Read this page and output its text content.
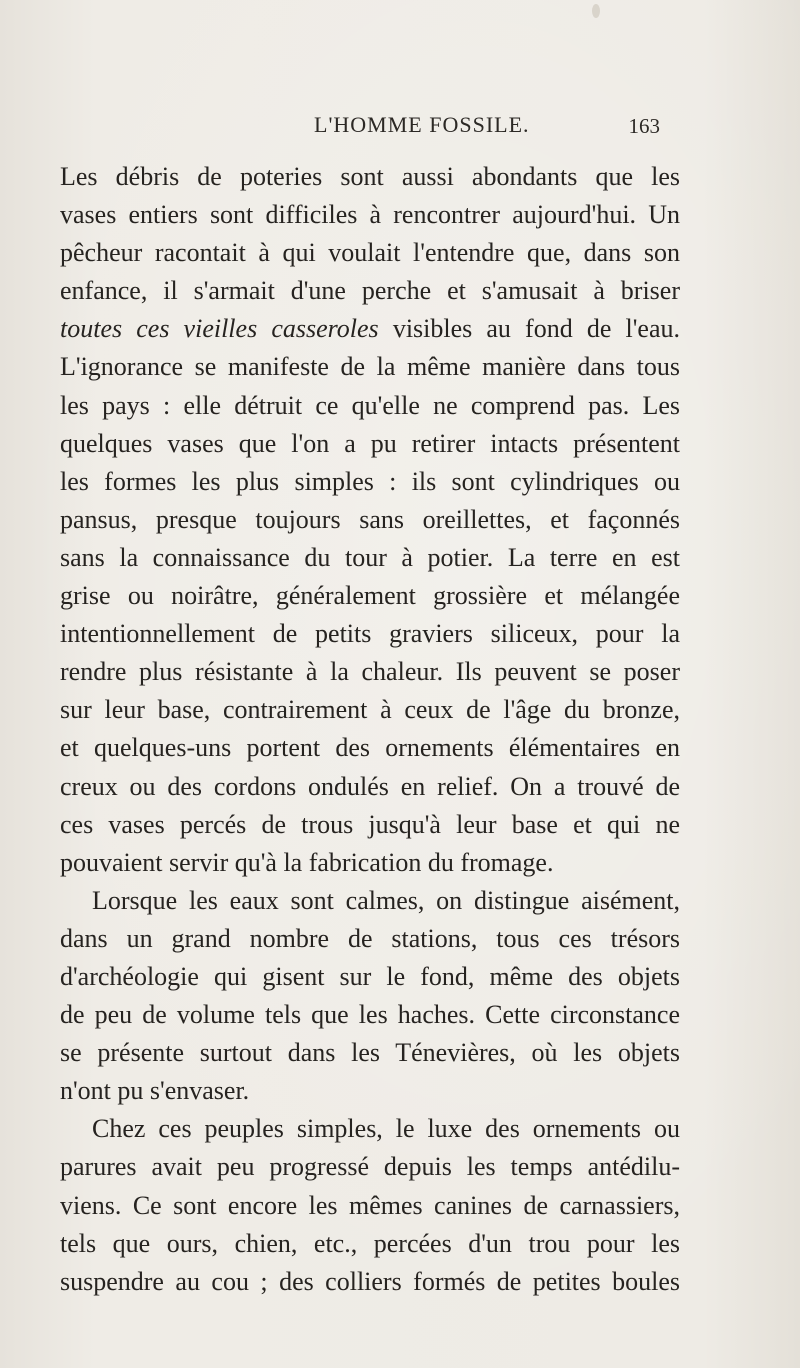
L'HOMME FOSSILE.	163
Les débris de poteries sont aussi abondants que les
vases entiers sont difficiles à rencontrer aujourd'hui. Un
pêcheur racontait à qui voulait l'entendre que, dans son
enfance, il s'armait d'une perche et s'amusait à briser
toutes ces vieilles casseroles visibles au fond de l'eau.
L'ignorance se manifeste de la même manière dans tous
les pays : elle détruit ce qu'elle ne comprend pas. Les
quelques vases que l'on a pu retirer intacts présentent
les formes les plus simples : ils sont cylindriques ou
pansus, presque toujours sans oreillettes, et façonnés
sans la connaissance du tour à potier. La terre en est
grise ou noirâtre, généralement grossière et mélangée
intentionnellement de petits graviers siliceux, pour la
rendre plus résistante à la chaleur. Ils peuvent se poser
sur leur base, contrairement à ceux de l'âge du bronze,
et quelques-uns portent des ornements élémentaires en
creux ou des cordons ondulés en relief. On a trouvé de
ces vases percés de trous jusqu'à leur base et qui ne
pouvaient servir qu'à la fabrication du fromage.
Lorsque les eaux sont calmes, on distingue aisément,
dans un grand nombre de stations, tous ces trésors
d'archéologie qui gisent sur le fond, même des objets
de peu de volume tels que les haches. Cette circonstance
se présente surtout dans les Ténevières, où les objets
n'ont pu s'envaser.
Chez ces peuples simples, le luxe des ornements ou
parures avait peu progressé depuis les temps antédilu-
viens. Ce sont encore les mêmes canines de carnassiers,
tels que ours, chien, etc., percées d'un trou pour les
suspendre au cou ; des colliers formés de petites boules
